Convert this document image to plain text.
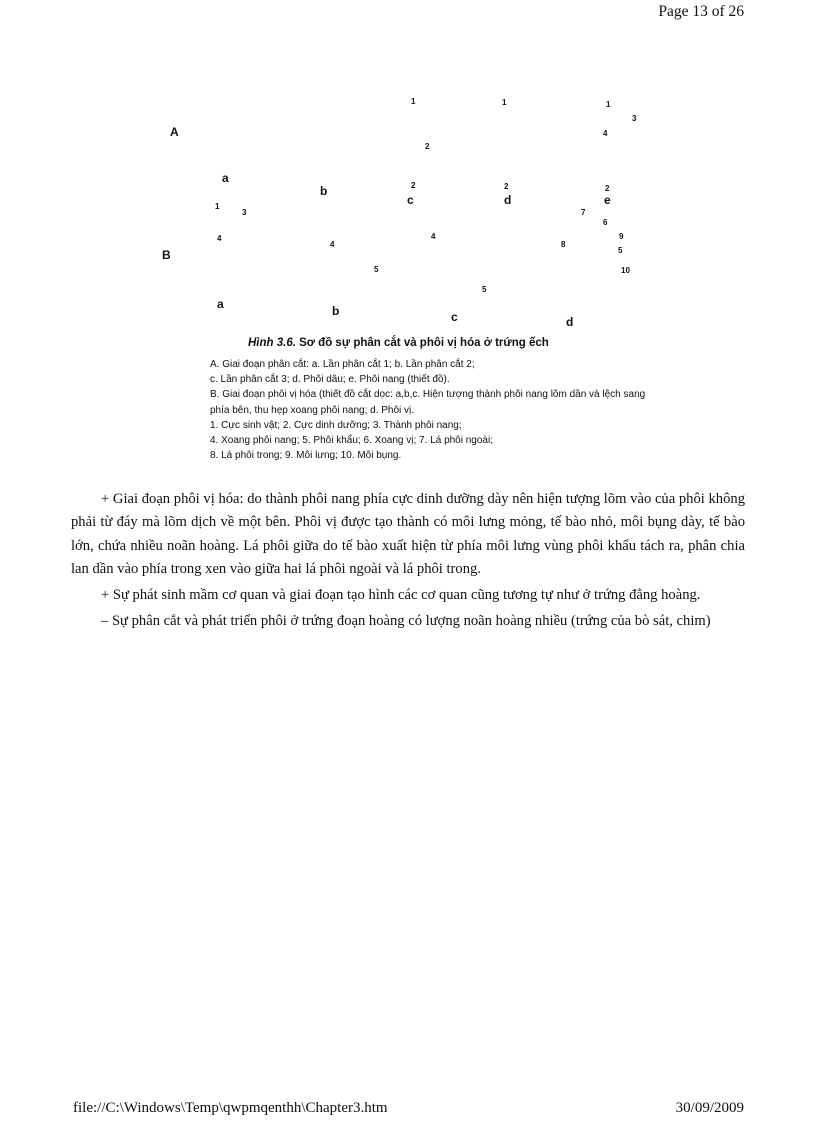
Page 13 of 26
A
a
b
c	d	e
1	1	1
3
4
2
2	2	2
7
6
9
5
8
10
1
3
4
B
a	b	c	d
4
4
5
5
Hình 3.6. Sơ đồ sự phân cắt và phôi vị hóa ở trứng ếch
A. Giai đoạn phân cắt: a. Lần phân cắt 1; b. Lần phân cắt 2;
c. Lần phân cắt 3; d. Phôi dâu; e. Phôi nang (thiết đồ).
B. Giai đoạn phôi vị hóa (thiết đồ cắt dọc: a,b,c. Hiện tượng thành phôi nang lõm dần và lệch sang
phía bên, thu hẹp xoang phôi nang; d. Phôi vị.
1. Cực sinh vật; 2. Cực dinh dưỡng; 3. Thành phôi nang;
4. Xoang phôi nang; 5. Phôi khẩu; 6. Xoang vị; 7. Lá phôi ngoài;
8. Lá phôi trong; 9. Môi lưng; 10. Môi bụng.

+ Giai đoạn phôi vị hóa: do thành phôi nang phía cực dinh dưỡng dày nên hiện tượng lõm vào của phôi không phải từ đáy mà lõm dịch về một bên. Phôi vị được tạo thành có môi lưng mỏng, tế bào nhỏ, môi bụng dày, tế bào lớn, chứa nhiều noãn hoàng. Lá phôi giữa do tế bào xuất hiện từ phía môi lưng vùng phôi khẩu tách ra, phân chia lan dần vào phía trong xen vào giữa hai lá phôi ngoài và lá phôi trong.

+ Sự phát sinh mầm cơ quan và giai đoạn tạo hình các cơ quan cũng tương tự như ở trứng đẳng hoàng.

– Sự phân cắt và phát triển phôi ở trứng đoạn hoàng có lượng noãn hoàng nhiều (trứng của bò sát, chim)

file://C:\Windows\Temp\qwpmqenthh\Chapter3.htm	30/09/2009
